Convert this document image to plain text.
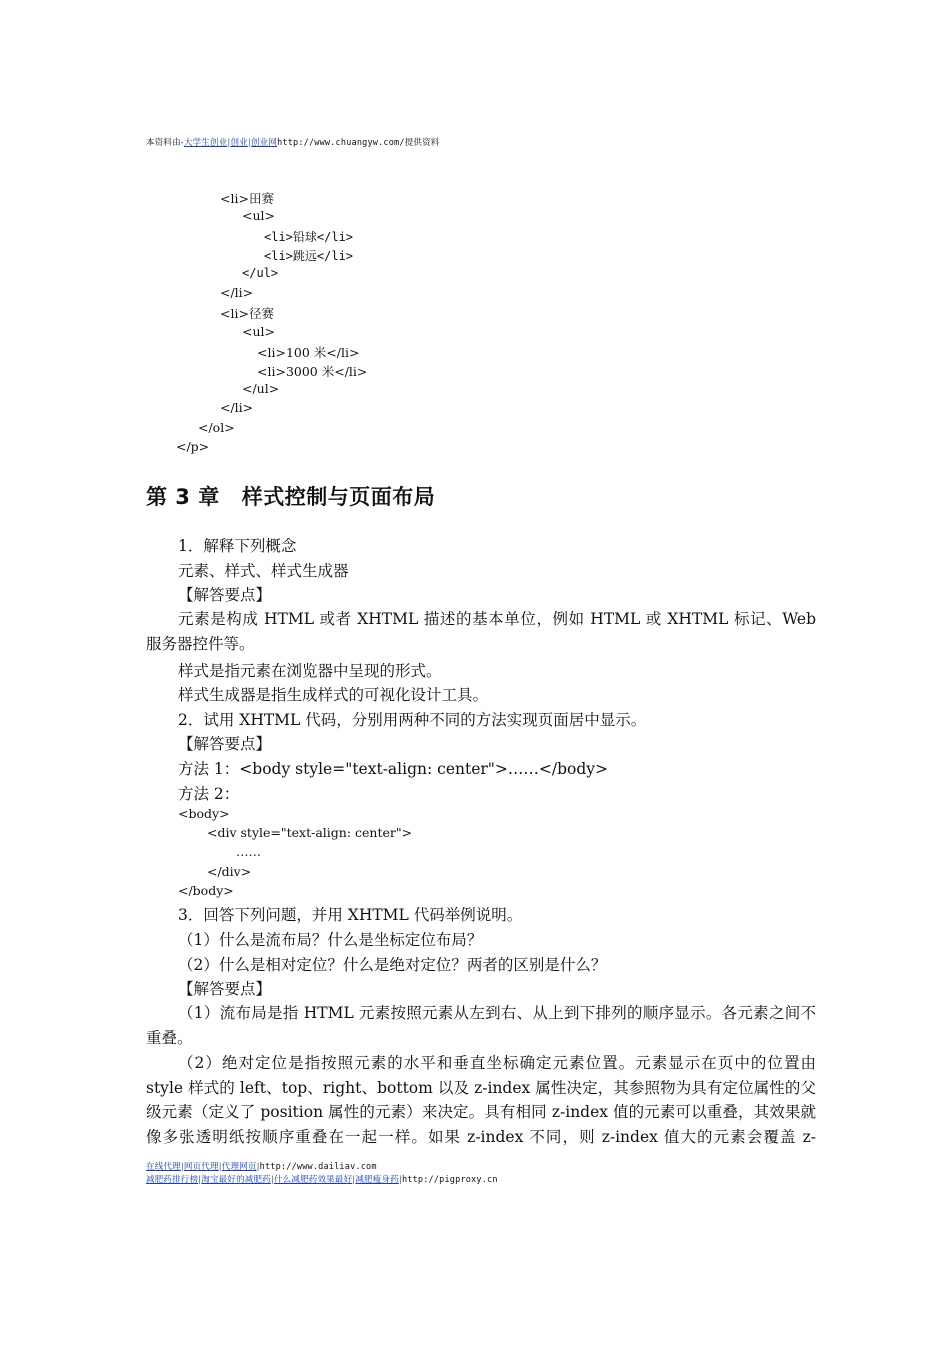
本资料由-大学生创业|创业|创业网http://www.chuangyw.com/提供资料
<li>田赛
<ul>
<li>铅球</li>
<li>跳远</li>
</ul>
</li>
<li>径赛
<ul>
<li>100 米</li>
<li>3000 米</li>
</ul>
</li>
</ol>
</p>
第 3 章 样式控制与页面布局
1．解释下列概念
元素、样式、样式生成器
【解答要点】
元素是构成 HTML 或者 XHTML 描述的基本单位，例如 HTML 或 XHTML 标记、Web 服务器控件等。
样式是指元素在浏览器中呈现的形式。
样式生成器是指生成样式的可视化设计工具。
2．试用 XHTML 代码，分别用两种不同的方法实现页面居中显示。
【解答要点】
方法 1：<body style="text-align: center">……</body>
方法 2：
<body>
<div style="text-align: center">
……
</div>
</body>
3．回答下列问题，并用 XHTML 代码举例说明。
（1）什么是流布局？什么是坐标定位布局？
（2）什么是相对定位？什么是绝对定位？两者的区别是什么？
【解答要点】
（1）流布局是指 HTML 元素按照元素从左到右、从上到下排列的顺序显示。各元素之间不重叠。
（2）绝对定位是指按照元素的水平和垂直坐标确定元素位置。元素显示在页中的位置由 style 样式的 left、top、right、bottom 以及 z-index 属性决定，其参照物为具有定位属性的父级元素（定义了 position 属性的元素）来决定。具有相同 z-index 值的元素可以重叠，其效果就像多张透明纸按顺序重叠在一起一样。如果 z-index 不同，则 z-index 值大的元素会覆盖 z-
在线代理|网页代理|代理网页|http://www.dailiav.com
减肥药排行榜|淘宝最好的减肥药|什么减肥药效果最好|减肥瘦身药|http://pigproxy.cn
